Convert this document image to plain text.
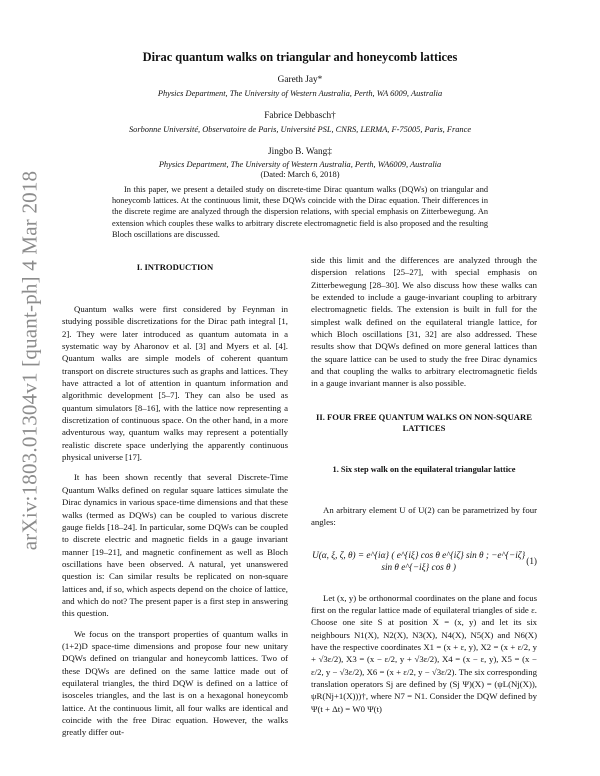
arXiv:1803.01304v1 [quant-ph] 4 Mar 2018
Dirac quantum walks on triangular and honeycomb lattices
Gareth Jay*
Physics Department, The University of Western Australia, Perth, WA 6009, Australia
Fabrice Debbasch†
Sorbonne Université, Observatoire de Paris, Université PSL, CNRS, LERMA, F-75005, Paris, France
Jingbo B. Wang‡
Physics Department, The University of Western Australia, Perth, WA6009, Australia
(Dated: March 6, 2018)
In this paper, we present a detailed study on discrete-time Dirac quantum walks (DQWs) on triangular and honeycomb lattices. At the continuous limit, these DQWs coincide with the Dirac equation. Their differences in the discrete regime are analyzed through the dispersion relations, with special emphasis on Zitterbewegung. An extension which couples these walks to arbitrary discrete electromagnetic field is also proposed and the resulting Bloch oscillations are discussed.
I. INTRODUCTION

Quantum walks were first considered by Feynman in studying possible discretizations for the Dirac path integral [1, 2]. They were later introduced as quantum automata in a systematic way by Aharonov et al. [3] and Myers et al. [4]. Quantum walks are simple models of coherent quantum transport on discrete structures such as graphs and lattices. They have attracted a lot of attention in quantum information and algorithmic development [5–7]. They can also be used as quantum simulators [8–16], with the lattice now representing a discretization of continuous space. On the other hand, in a more adventurous way, quantum walks may represent a potentially realistic discrete space underlying the apparently continuous physical universe [17].

It has been shown recently that several Discrete-Time Quantum Walks defined on regular square lattices simulate the Dirac dynamics in various space-time dimensions and that these walks (termed as DQWs) can be coupled to various discrete gauge fields [18–24]. In particular, some DQWs can be coupled to discrete electric and magnetic fields in a gauge invariant manner [19–21], and magnetic confinement as well as Bloch oscillations have been observed. A natural, yet unanswered question is: Can similar results be replicated on non-square lattices and, if so, which aspects depend on the choice of lattice, and which do not? The present paper is a first step in answering this question.

We focus on the transport properties of quantum walks in (1+2)D space-time dimensions and propose four new unitary DQWs defined on triangular and honeycomb lattices. Two of these DQWs are defined on the same lattice made out of equilateral triangles, the third DQW is defined on a lattice of isosceles triangles, and the last is on a hexagonal honeycomb lattice. At the continuous limit, all four walks are identical and coincide with the free Dirac equation. However, the walks greatly differ out-

side this limit and the differences are analyzed through the dispersion relations [25–27], with special emphasis on Zitterbewegung [28–30]. We also discuss how these walks can be extended to include a gauge-invariant coupling to arbitrary electromagnetic fields. The extension is built in full for the simplest walk defined on the equilateral triangle lattice, for which Bloch oscillations [31, 32] are also addressed. These results show that DQWs defined on more general lattices than the square lattice can be used to study the free Dirac dynamics and that coupling the walks to arbitrary electromagnetic fields in a gauge invariant manner is also possible.

II. FOUR FREE QUANTUM WALKS ON NON-SQUARE LATTICES
1. Six step walk on the equilateral triangular lattice

An arbitrary element U of U(2) can be parametrized by four angles:

U(α, ξ, ζ, θ) = e^{iα} ( e^{iξ} cos θ e^{iζ} sin θ ; −e^{−iζ} sin θ e^{−iξ} cos θ )
(1)

Let (x, y) be orthonormal coordinates on the plane and focus first on the regular lattice made of equilateral triangles of side ε. Choose one site S at position X = (x, y) and let its six neighbours N1(X), N2(X), N3(X), N4(X), N5(X) and N6(X) have the respective coordinates X1 = (x + ε, y), X2 = (x + ε/2, y + √3ε/2), X3 = (x − ε/2, y + √3ε/2), X4 = (x − ε, y), X5 = (x − ε/2, y − √3ε/2), X6 = (x + ε/2, y − √3ε/2). The six corresponding translation operators Sj are defined by (Sj Ψ)(X) = (ψL(Nj(X)), ψR(Nj+1(X)))†, where N7 = N1. Consider the DQW defined by Ψ(t + Δt) = W0 Ψ(t)
